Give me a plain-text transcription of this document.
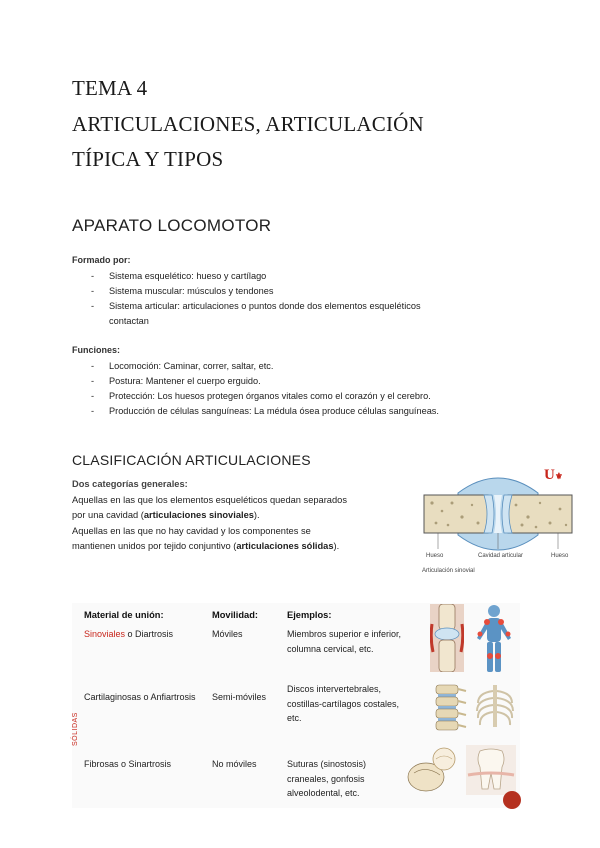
TEMA 4
ARTICULACIONES, ARTICULACIÓN
TÍPICA Y TIPOS
APARATO LOCOMOTOR
Formado por:
- Sistema esquelético: hueso y cartílago
- Sistema muscular: músculos y tendones
- Sistema articular: articulaciones o puntos donde dos elementos esqueléticos
contactan
Funciones:
- Locomoción: Caminar, correr, saltar, etc.
- Postura: Mantener el cuerpo erguido.
- Protección: Los huesos protegen órganos vitales como el corazón y el cerebro.
- Producción de células sanguíneas: La médula ósea produce células sanguíneas.
CLASIFICACIÓN ARTICULACIONES
Dos categorías generales:
Aquellas en las que los elementos esqueléticos quedan separados
por una cavidad (articulaciones sinoviales).
Aquellas en las que no hay cavidad y los componentes se
mantienen unidos por tejido conjuntivo (articulaciones sólidas).
U⚜
Hueso	Cavidad articular	Hueso
Articulación sinovial
Material de unión:	Movilidad:	Ejemplos:
SÓLIDAS
Sinoviales o Diartrosis	Móviles	Miembros superior e inferior,
columna cervical, etc.
Cartilaginosas o Anfiartrosis Semi-móviles
Discos intervertebrales,
costillas-cartílagos costales,
etc.
Fibrosas o Sinartrosis	No móviles	Suturas (sinostosis)
craneales, gonfosis
alveolodental, etc.
